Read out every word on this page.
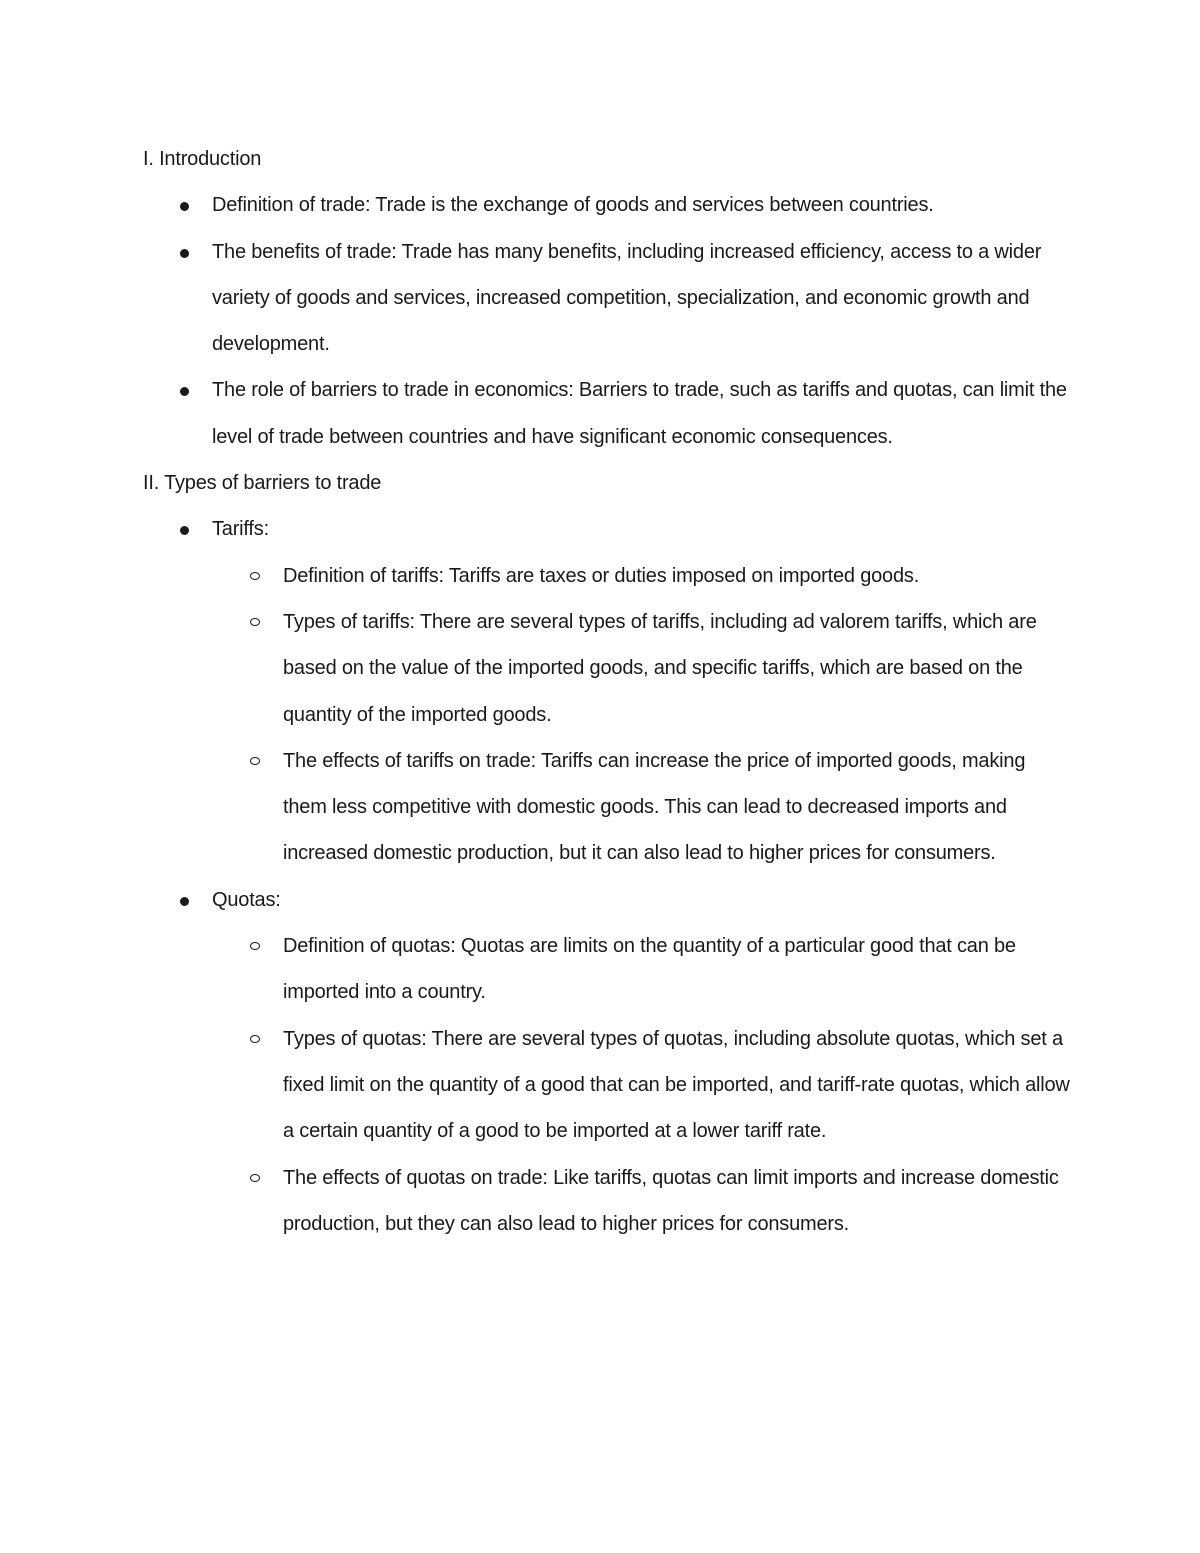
I. Introduction
Definition of trade: Trade is the exchange of goods and services between countries.
The benefits of trade: Trade has many benefits, including increased efficiency, access to a wider variety of goods and services, increased competition, specialization, and economic growth and development.
The role of barriers to trade in economics: Barriers to trade, such as tariffs and quotas, can limit the level of trade between countries and have significant economic consequences.
II. Types of barriers to trade
Tariffs:
Definition of tariffs: Tariffs are taxes or duties imposed on imported goods.
Types of tariffs: There are several types of tariffs, including ad valorem tariffs, which are based on the value of the imported goods, and specific tariffs, which are based on the quantity of the imported goods.
The effects of tariffs on trade: Tariffs can increase the price of imported goods, making them less competitive with domestic goods. This can lead to decreased imports and increased domestic production, but it can also lead to higher prices for consumers.
Quotas:
Definition of quotas: Quotas are limits on the quantity of a particular good that can be imported into a country.
Types of quotas: There are several types of quotas, including absolute quotas, which set a fixed limit on the quantity of a good that can be imported, and tariff-rate quotas, which allow a certain quantity of a good to be imported at a lower tariff rate.
The effects of quotas on trade: Like tariffs, quotas can limit imports and increase domestic production, but they can also lead to higher prices for consumers.
